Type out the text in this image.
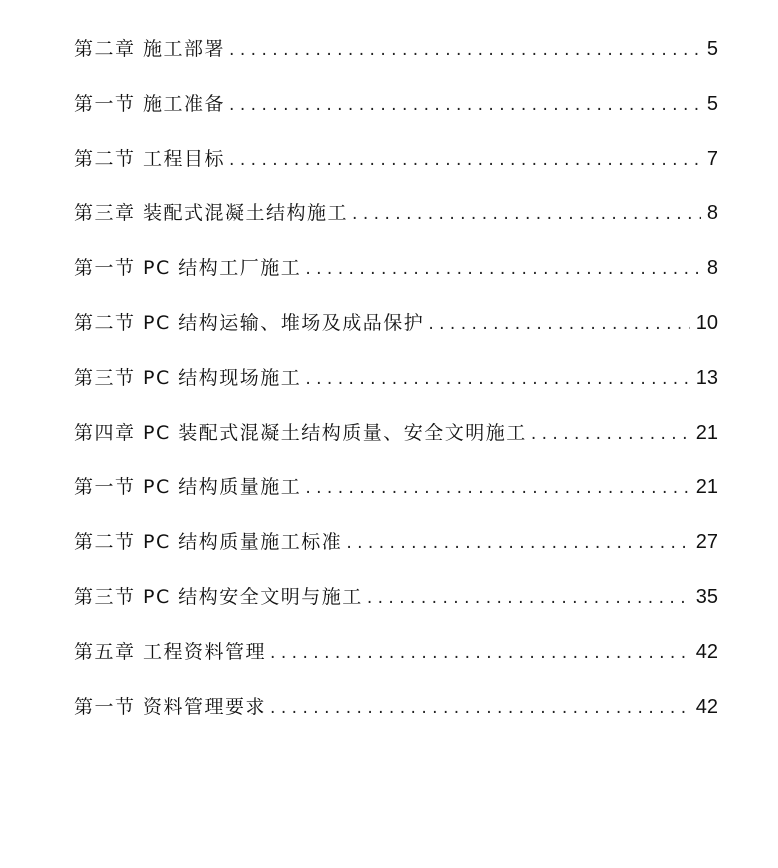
第二章 施工部署 . . .	5
第一节 施工准备 . . .	5
第二节 工程目标 . . .	7
第三章 装配式混凝土结构施工 . . .	8
第一节 PC 结构工厂施工 . . .	8
第二节 PC 结构运输、堆场及成品保护 . . .	10
第三节 PC 结构现场施工 . . .	13
第四章 PC 装配式混凝土结构质量、安全文明施工 . . .	21
第一节 PC 结构质量施工 . . .	21
第二节 PC 结构质量施工标准 . . .	27
第三节 PC 结构安全文明与施工 . . .	35
第五章 工程资料管理 . . .	42
第一节 资料管理要求 . . .	42
